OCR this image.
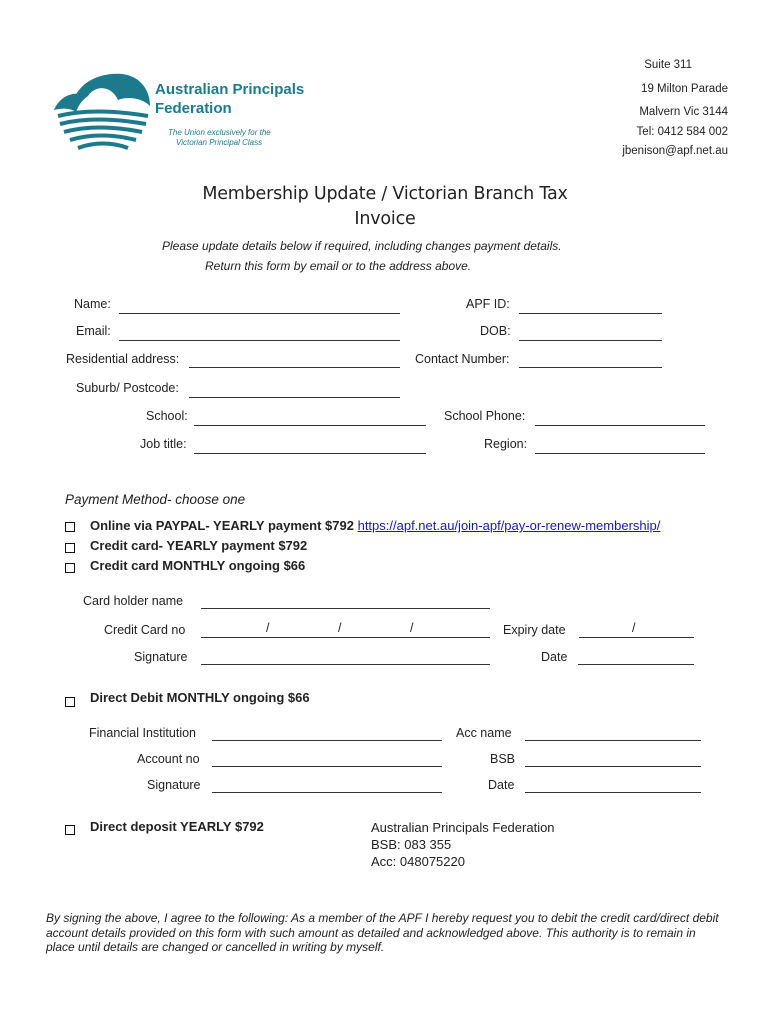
Australian Principals
Federation
The Union exclusively for the
Victorian Principal Class
Suite 311
19 Milton Parade
Malvern Vic 3144
Tel: 0412 584 002
jbenison@apf.net.au
Membership Update / Victorian Branch Tax
Invoice
Please update details below if required, including changes payment details.
Return this form by email or to the address above.
Name:	APF ID:
Email:	DOB:
Residential address:	Contact Number:
Suburb/ Postcode:
School:	School Phone:
Job title:	Region:
Payment Method- choose one
Online via PAYPAL- YEARLY payment $792 https://apf.net.au/join-apf/pay-or-renew-membership/
Credit card- YEARLY payment $792
Credit card MONTHLY ongoing $66
Card holder name
Credit Card no	/	/	/	Expiry date	/
Signature	Date
Direct Debit MONTHLY ongoing $66
Financial Institution	Acc name
Account no	BSB
Signature	Date
Direct deposit YEARLY $792	Australian Principals Federation
BSB: 083 355
Acc: 048075220
By signing the above, I agree to the following: As a member of the APF I hereby request you to debit the credit card/direct debit account details provided on this form with such amount as detailed and acknowledged above. This authority is to remain in place until details are changed or cancelled in writing by myself.
